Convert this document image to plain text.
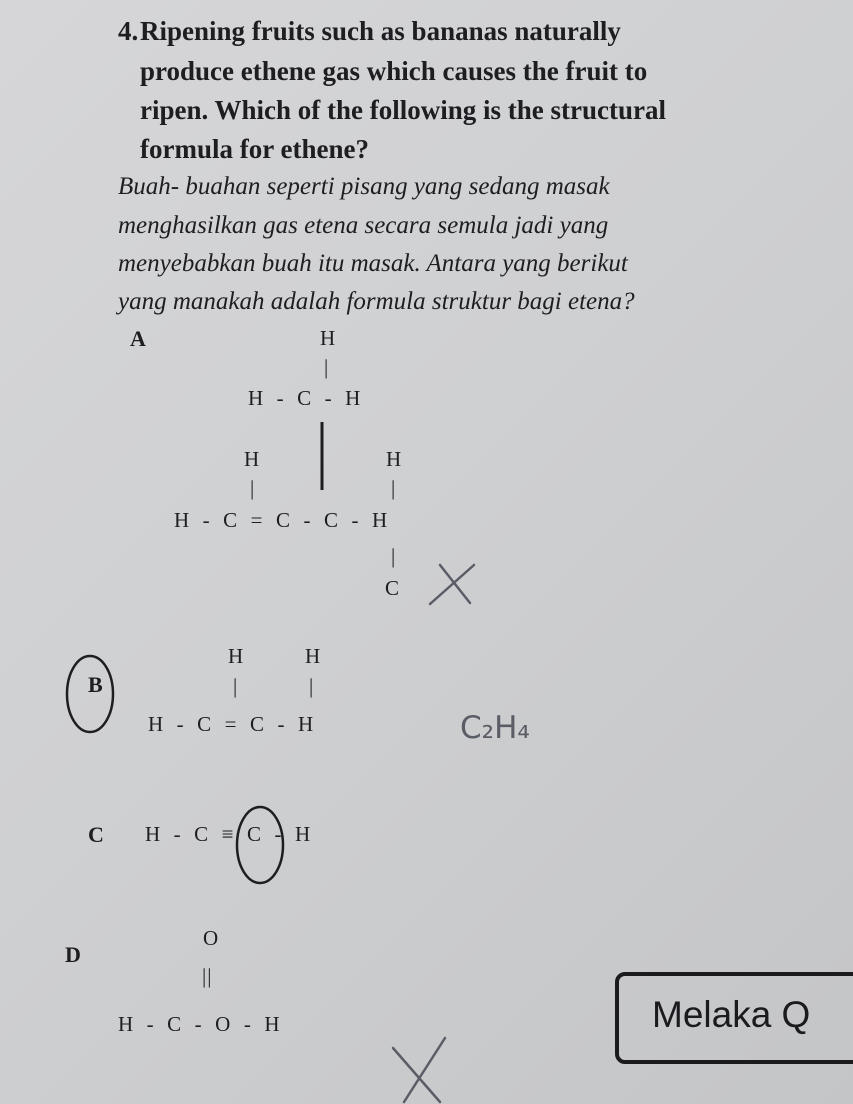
4. Ripening fruits such as bananas naturally
produce ethene gas which causes the fruit to
ripen. Which of the following is the structural
formula for ethene?
Buah- buahan seperti pisang yang sedang masak
menghasilkan gas etena secara semula jadi yang
menyebabkan buah itu masak. Antara yang berikut
yang manakah adalah formula struktur bagi etena?
A	H
|
H  -  C  -  H
H	H
|	|
H  -  C  =  C  -  C  -  H
|
C
B
H	H
|	|
H  -  C  =  C  -  H
C H  -  C  ≡  C  -  H
D
O
||
H  -  C  -  O  -  H
C₂H₄
Melaka Q
